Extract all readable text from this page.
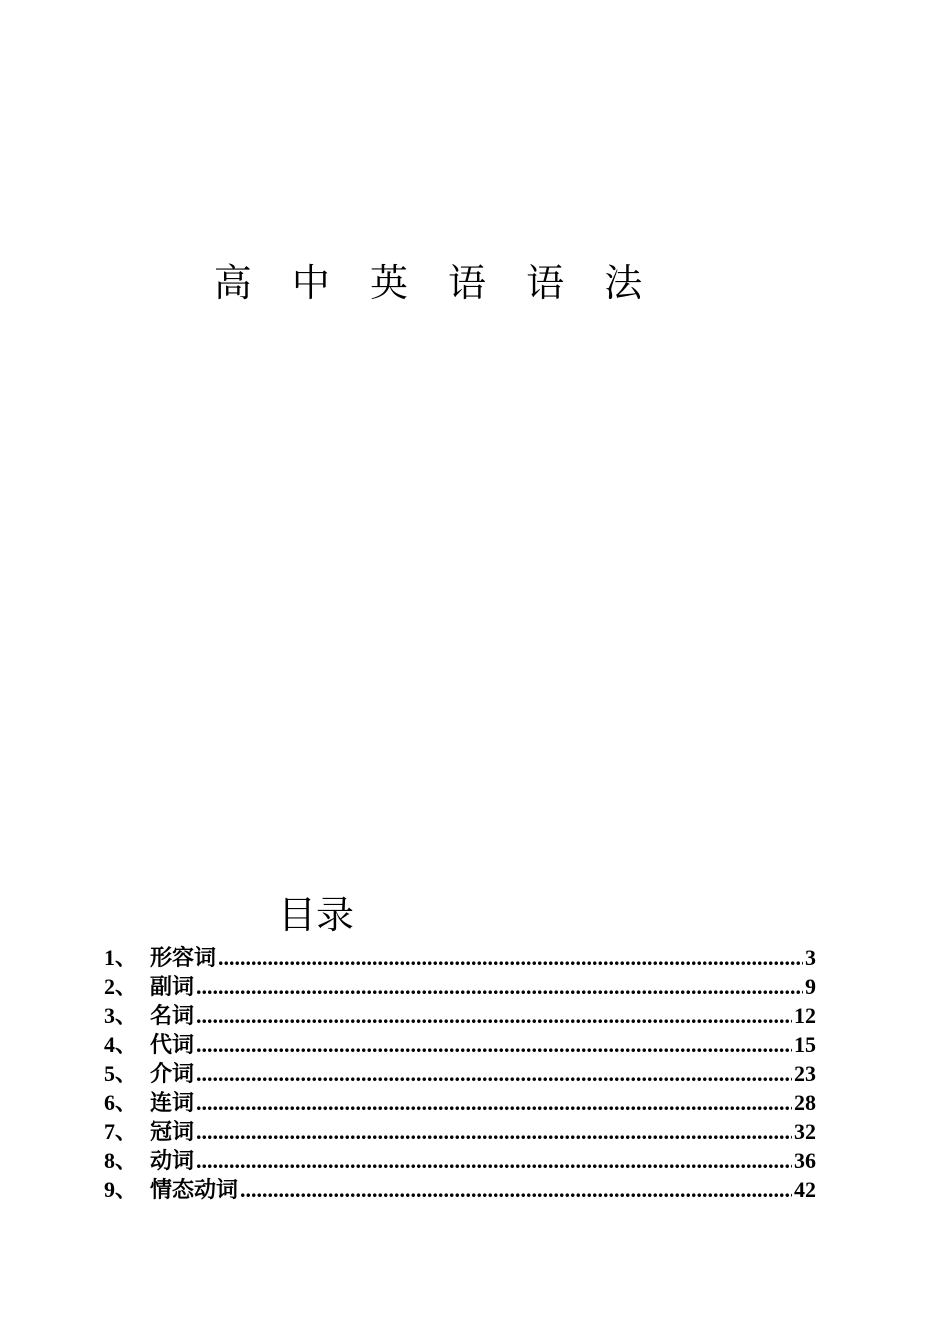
高 中 英 语 语 法
目录
1、 形容词 .....	3
2、 副词 .....	9
3、 名词 .....	12
4、 代词 .....	15
5、 介词 .....	23
6、 连词 .....	28
7、 冠词 .....	32
8、 动词 .....	36
9、 情态动词 .....	42
